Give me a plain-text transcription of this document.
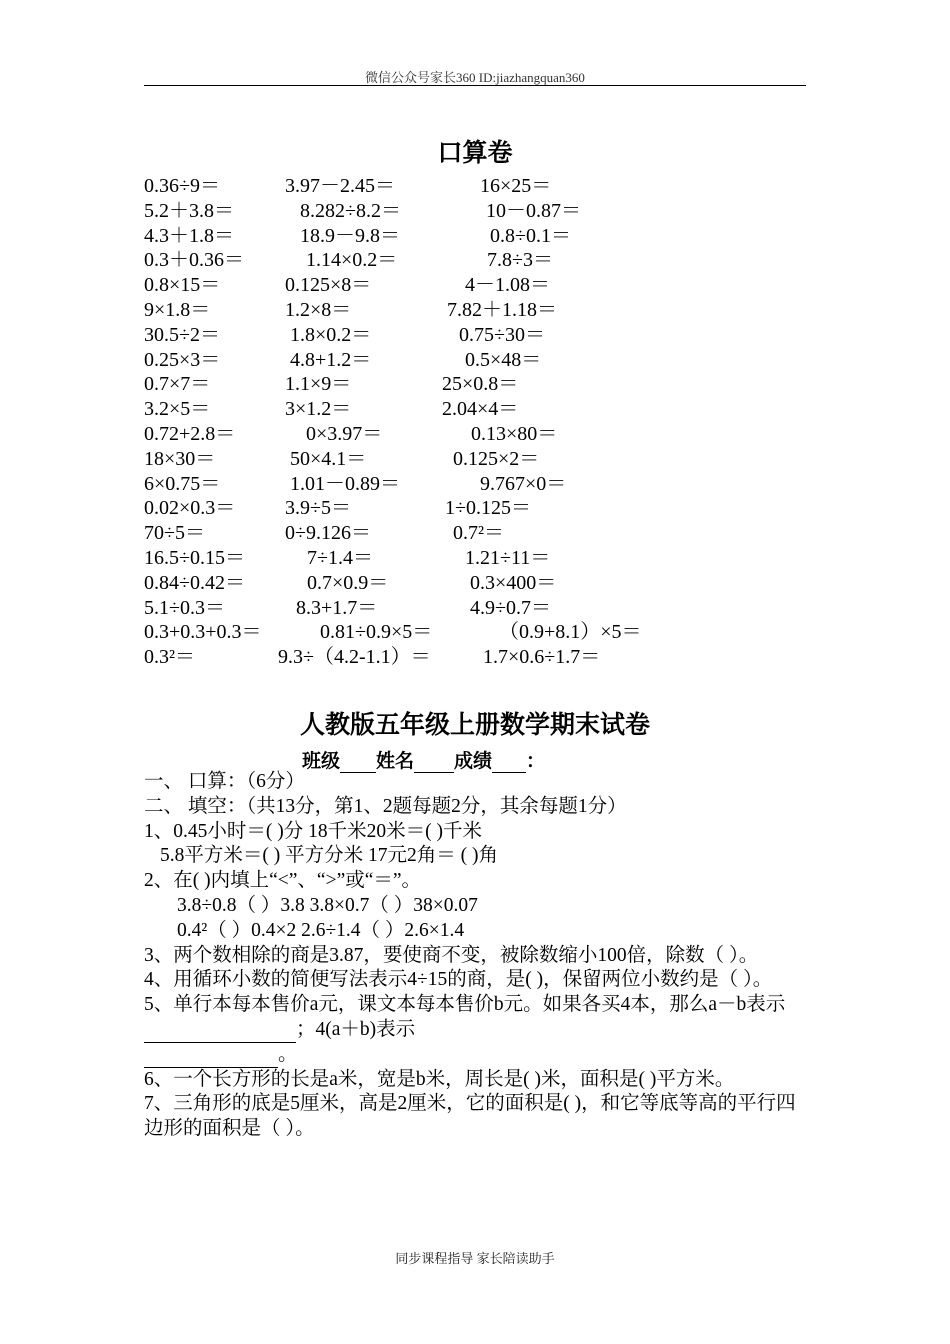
微信公众号家长360 ID:jiazhangquan360
口算卷
0.36÷9＝	3.97－2.45＝	16×25＝
5.2＋3.8＝	8.282÷8.2＝	10－0.87＝
4.3＋1.8＝	18.9－9.8＝	0.8÷0.1＝
0.3＋0.36＝	1.14×0.2＝	7.8÷3＝
0.8×15＝	0.125×8＝	4－1.08＝
9×1.8＝	1.2×8＝	7.82＋1.18＝
30.5÷2＝	1.8×0.2＝	0.75÷30＝
0.25×3＝	4.8+1.2＝	0.5×48＝
0.7×7＝	1.1×9＝	25×0.8＝
3.2×5＝	3×1.2＝	2.04×4＝
0.72+2.8＝	0×3.97＝	0.13×80＝
18×30＝	50×4.1＝	0.125×2＝
6×0.75＝	1.01－0.89＝	9.767×0＝
0.02×0.3＝ 3.9÷5＝	1÷0.125＝
70÷5＝	0÷9.126＝	0.7²＝
16.5÷0.15＝	7÷1.4＝	1.21÷11＝
0.84÷0.42＝	0.7×0.9＝	0.3×400＝
5.1÷0.3＝	8.3+1.7＝	4.9÷0.7＝
0.3+0.3+0.3＝	0.81÷0.9×5＝	（0.9+8.1）×5＝
0.3²＝	9.3÷（4.2-1.1）＝	1.7×0.6÷1.7＝
人教版五年级上册数学期末试卷
班级 姓名 成绩 ：
一、 口算：（6分）
二、 填空：（共13分，第1、2题每题2分，其余每题1分）
1、0.45小时＝( )分 18千米20米＝( )千米
5.8平方米＝( ) 平方分米 17元2角＝ ( )角
2、在( )内填上“<”、“>”或“＝”。
3.8÷0.8（ ）3.8 3.8×0.7（ ）38×0.07
0.4²（ ）0.4×2 2.6÷1.4（ ）2.6×1.4
3、两个数相除的商是3.87，要使商不变，被除数缩小100倍，除数（ ）。
4、用循环小数的简便写法表示4÷15的商，是( )，保留两位小数约是（ ）。
5、单行本每本售价a元，课文本每本售价b元。如果各买4本，那么a－b表示；4(a＋b)表示
。
6、一个长方形的长是a米，宽是b米，周长是( )米，面积是( )平方米。
7、三角形的底是5厘米，高是2厘米，它的面积是( )，和它等底等高的平行四边形的面积是（ ）。
同步课程指导 家长陪读助手
